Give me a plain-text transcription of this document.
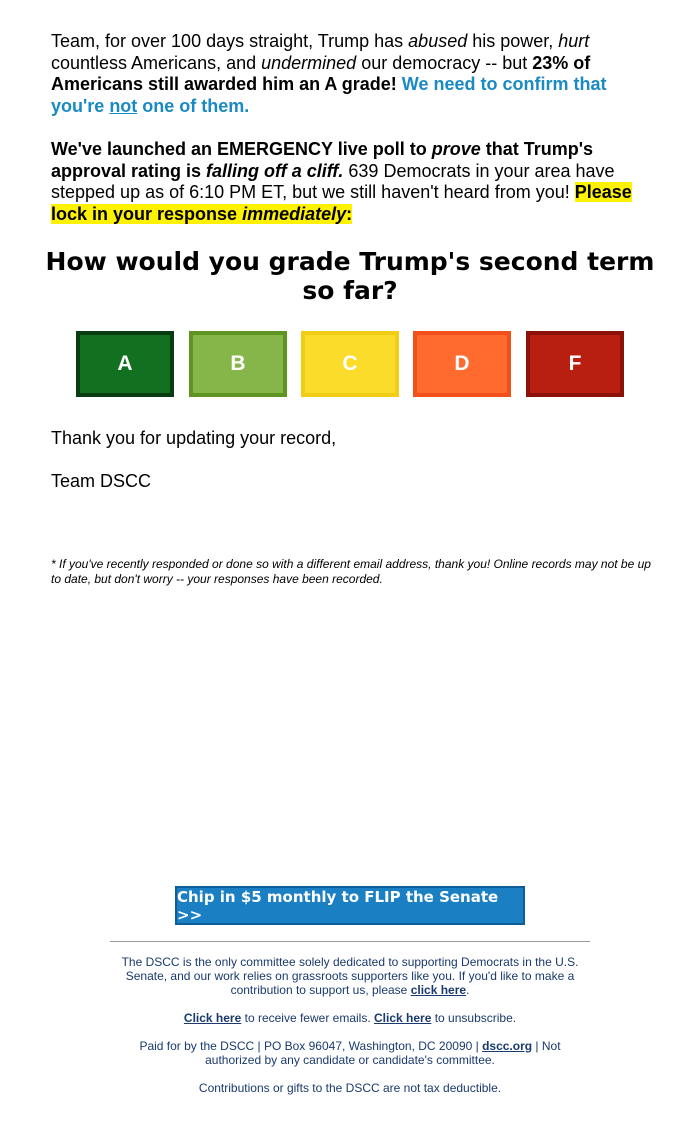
Team, for over 100 days straight, Trump has abused his power, hurt countless Americans, and undermined our democracy -- but 23% of Americans still awarded him an A grade! We need to confirm that you're not one of them.

We've launched an EMERGENCY live poll to prove that Trump's approval rating is falling off a cliff. 639 Democrats in your area have stepped up as of 6:10 PM ET, but we still haven't heard from you! Please lock in your response immediately:

How would you grade Trump's second term so far?
A	B	C	D	F

Thank you for updating your record,

Team DSCC

* If you've recently responded or done so with a different email address, thank you! Online records may not be up to date, but don't worry -- your responses have been recorded.

Chip in $5 monthly to FLIP the Senate >>

The DSCC is the only committee solely dedicated to supporting Democrats in the U.S. Senate, and our work relies on grassroots supporters like you. If you'd like to make a contribution to support us, please click here.

Click here to receive fewer emails. Click here to unsubscribe.

Paid for by the DSCC | PO Box 96047, Washington, DC 20090 | dscc.org | Not authorized by any candidate or candidate's committee.

Contributions or gifts to the DSCC are not tax deductible.
